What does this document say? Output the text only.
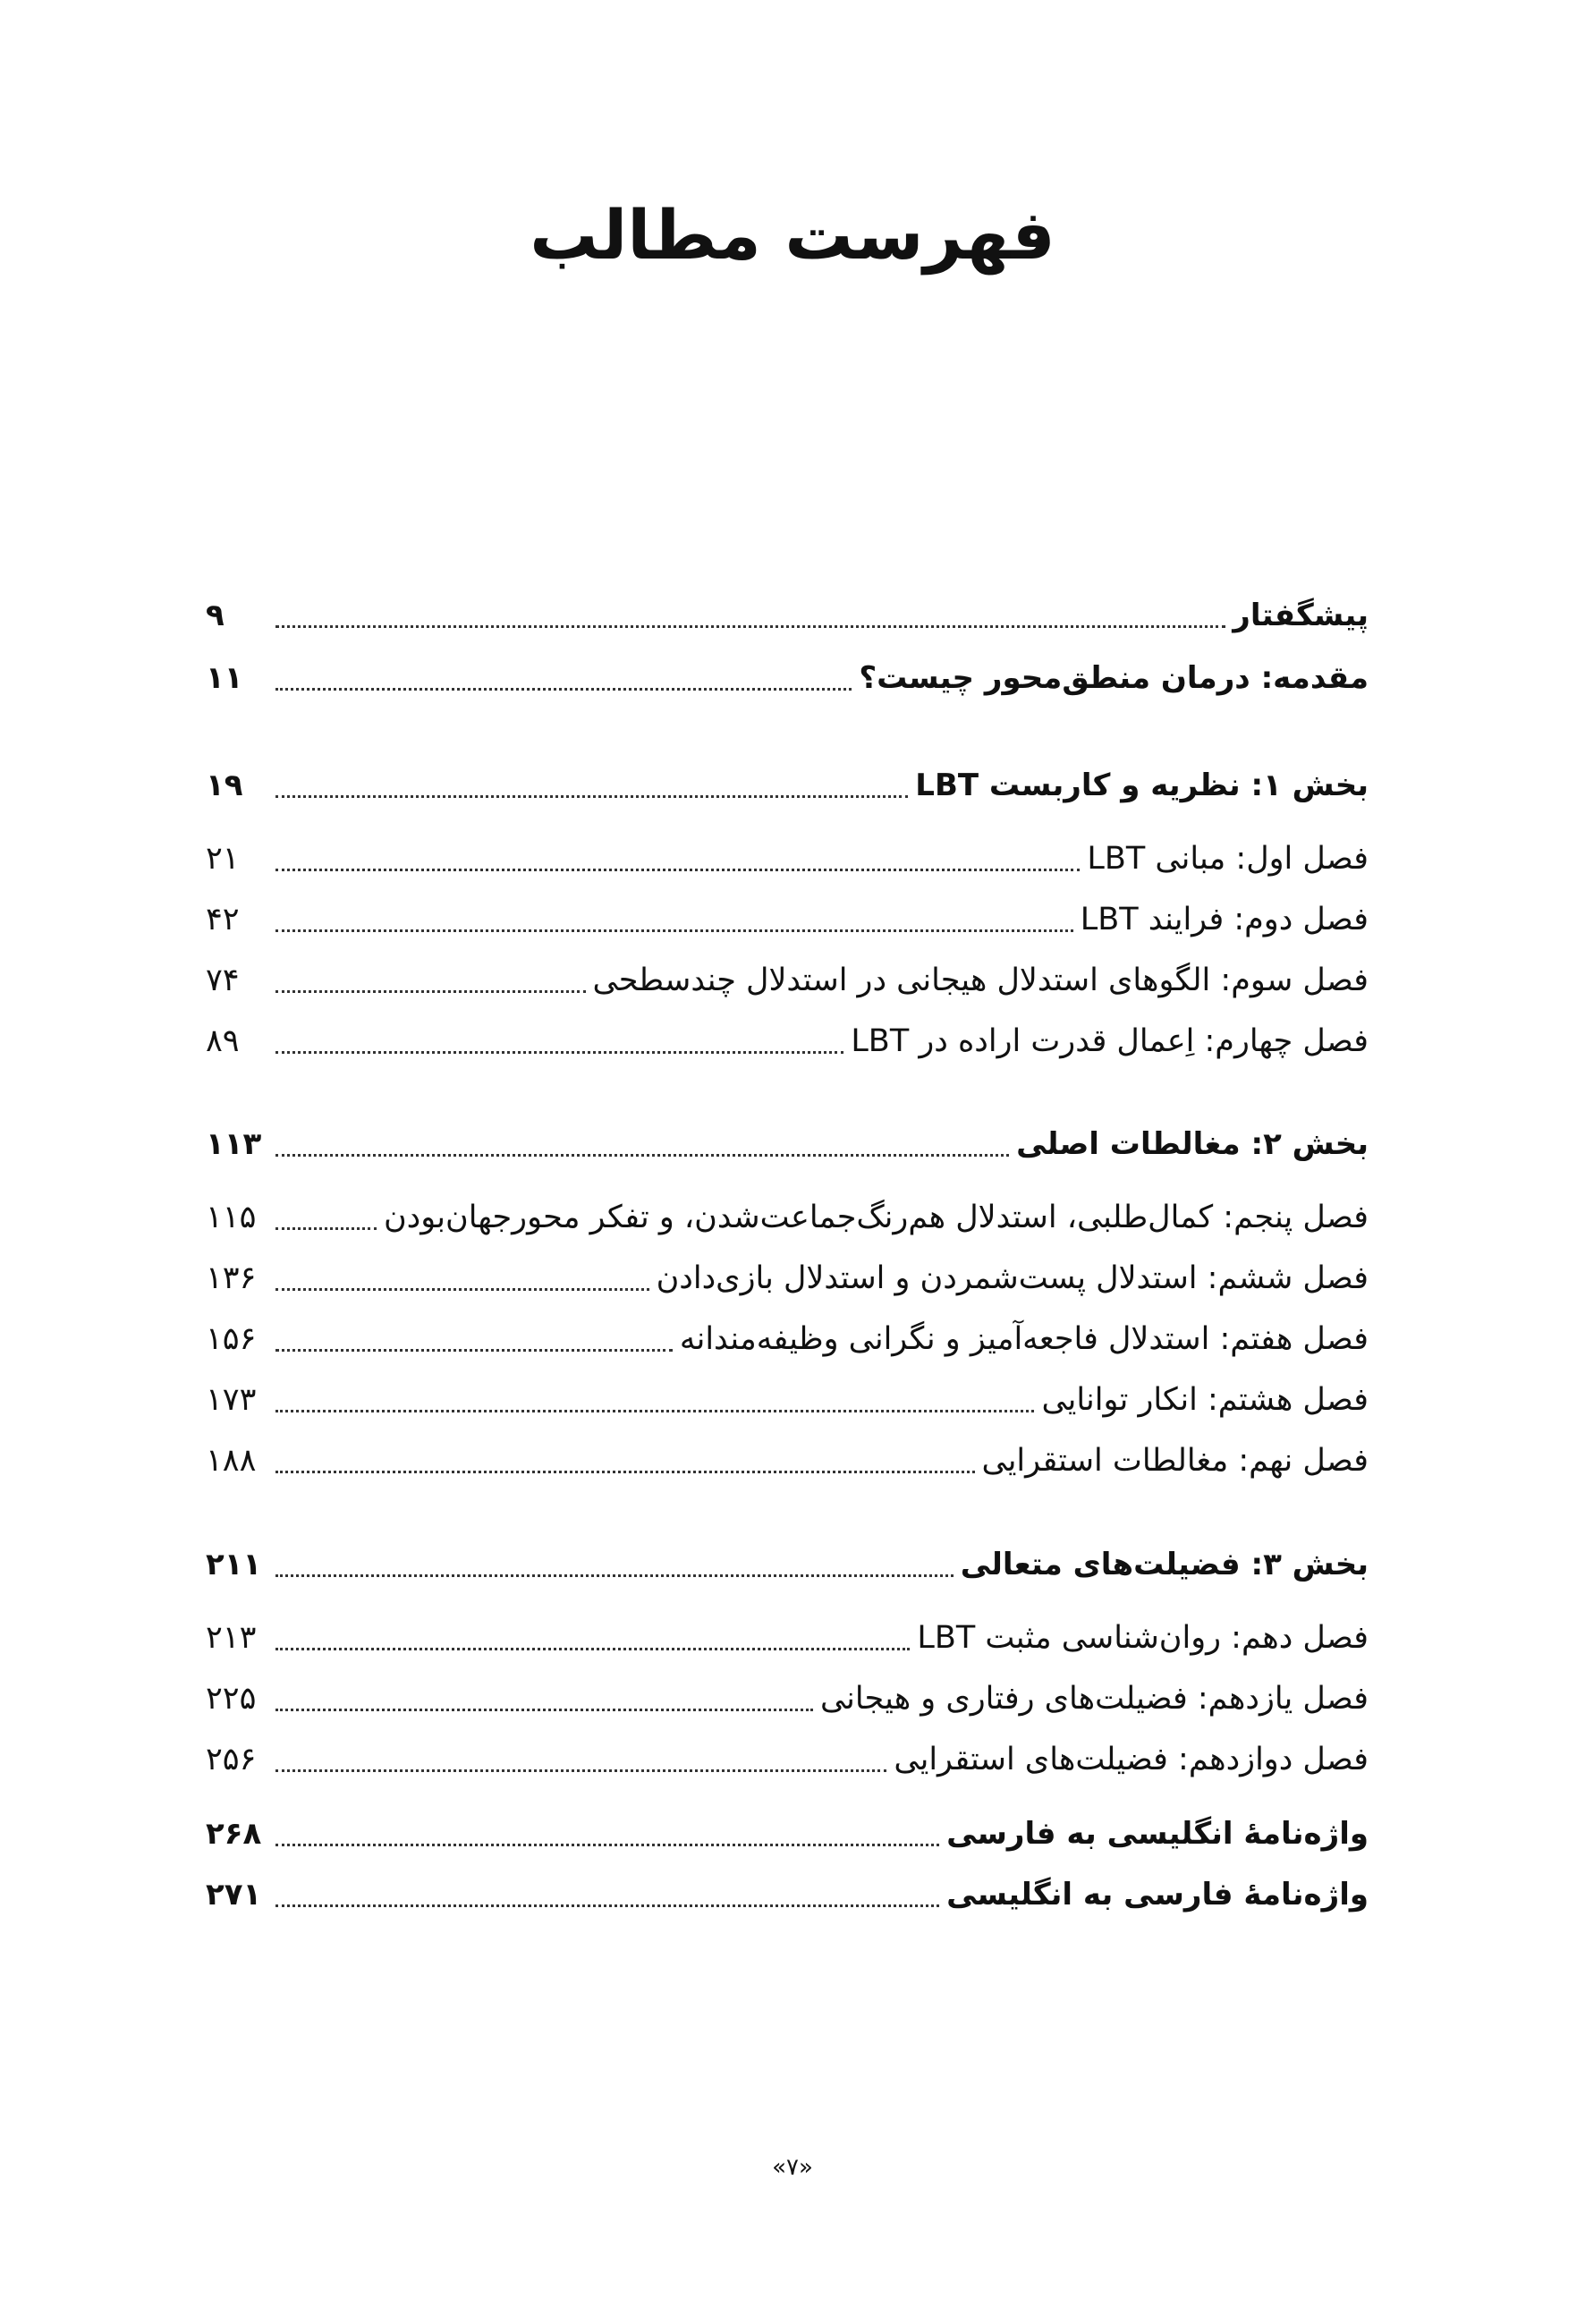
فهرست مطالب
پیشگفتار
۹
مقدمه: درمان منطق‌محور چیست؟
۱۱
بخش ۱: نظریه و کاربست LBT
۱۹
فصل اول: مبانی LBT
۲۱
فصل دوم: فرایند LBT
۴۲
فصل سوم: الگوهای استدلال هیجانی در استدلال چندسطحی
۷۴
فصل چهارم: اِعمال قدرت اراده در LBT
۸۹
بخش ۲: مغالطات اصلی
۱۱۳
فصل پنجم: کمال‌طلبی، استدلال هم‌رنگ‌جماعت‌شدن، و تفکر محورجهان‌بودن
۱۱۵
فصل ششم: استدلال پست‌شمردن و استدلال بازی‌دادن
۱۳۶
فصل هفتم: استدلال فاجعه‌آمیز و نگرانی وظیفه‌مندانه
۱۵۶
فصل هشتم: انکار توانایی
۱۷۳
فصل نهم: مغالطات استقرایی
۱۸۸
بخش ۳: فضیلت‌های متعالی
۲۱۱
فصل دهم: روان‌شناسی مثبت LBT
۲۱۳
فصل یازدهم: فضیلت‌های رفتاری و هیجانی
۲۲۵
فصل دوازدهم: فضیلت‌های استقرایی
۲۵۶
واژه‌نامهٔ انگلیسی به فارسی
۲۶۸
واژه‌نامهٔ فارسی به انگلیسی
۲۷۱
«۷»
